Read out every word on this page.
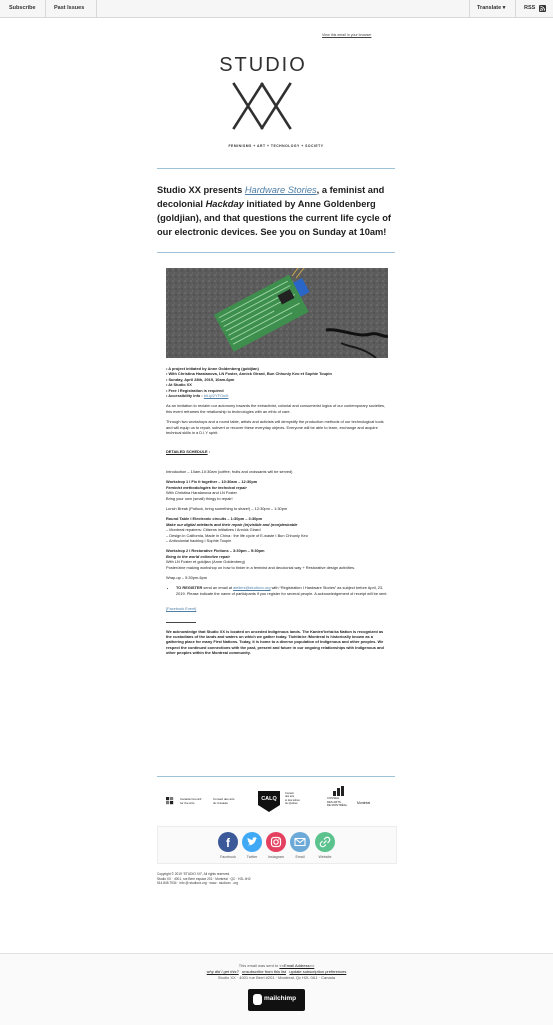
Subscribe	Past Issues	Translate ▾	RSS
View this email in your browser
STUDIO
FEMINISMS + ART + TECHNOLOGY + SOCIETY
Studio XX presents Hardware Stories, a feminist and decolonial Hackday initiated by Anne Goldenberg (goldjian), and that questions the current life cycle of our electronic devices. See you on Sunday at 10am!

• A project initiated by Anne Goldenberg (goldjian)
• With Christina Haralanova, LN Foster, Annick Girard, Bun Chhunly Keo et Sophie Toupin
• Sunday, April 28th, 2019, 10am-6pm
• At Studio XX
• Free I Registration is required
• Accessibility info : bit.ly/2YFOu0t

As an invitation to reclaim our autonomy towards the extractivist, colonial and consumerist logics of our contemporary societies, this event reframes the relationship to technologies with an ethic of care.

Through two workshops and a round table, artists and activists will demystify the production methods of our technological tools and will equip us to repair, subvert or recover these everyday objects. Everyone will be able to learn, exchange and acquire technical skills in a D.I.Y spirit.

DETAILED SCHEDULE :

Introduction – 10am-10:30am (coffee, fruits and croissants will be served)

Workshop 1 I Fix it together – 10:30am – 12:30pm
Feminist methodologies for technical repair
With Christina Haralanova and LN Foster
Bring your own (small) thingy to repair!

Lunch Break (Potluck, bring something to share!) – 12:30pm – 1:30pm

Round Table I Electronic circuits – 1:30pm – 3:30pm
Make our digital artefacts and their repair (in)visible and (non)desirable
– Montreal repairers: Citizens initiatives I Annick Girard
– Design in California, Made in China : the life cycle of E-waste I Bun Chhunly Keo
– Anticolonial hacking I Sophie Toupin

Workshop 2 I Restorative Fictions – 3:30pm – 5:30pm
Bring to the world collective repair
With LN Foster et goldjian (Anne Goldenberg)
Poster/zine making workshop on how to tinker in a feminist and decolonial way + Restorative design activities.

Wrap-up – 5:30pm-6pm

• TO REGISTER send an email at ateliers@studioxx.org with “Registration I Hardware Stories” as subject before April, 23, 2019. Please indicate the name of participants if you register for several people. A acknowledgement of receipt will be sent.

[Facebook Event]

We acknowledge that Studio XX is located on unceded Indigenous lands. The Kanien’kehá:ka Nation is recognized as the custodians of the lands and waters on which we gather today. Tiohtiá:ke /Montreal is historically known as a gathering place for many First Nations. Today, it is home to a diverse population of Indigenous and other peoples. We respect the continued connections with the past, present and future in our ongoing relationships with Indigenous and other peoples within the Montreal community.

Canada Council
for the Arts
Conseil des arts
du Canada
CALQ
Conseil
des arts
et des lettres
du Québec
CONSEIL
DES ARTS
DE MONTRÉAL
Montréal
f
Facebook	Twitter	Instagram	Email	Website
Copyright © 2019 “STUDIO XX”, All rights reserved.
Studio XX · 4001, rue Berri espace 201 · Montréal · QC · H2L 4H2
514.845.7934 · info @ studioxx.org · www . studioxx . org
This email was sent to <<Email Address>>
why did I get this? unsubscribe from this list update subscription preferences
Studio XX · 4001 rue Berri #201 · Montreal, Qc H2L 0A1 · Canada
mailchimp
